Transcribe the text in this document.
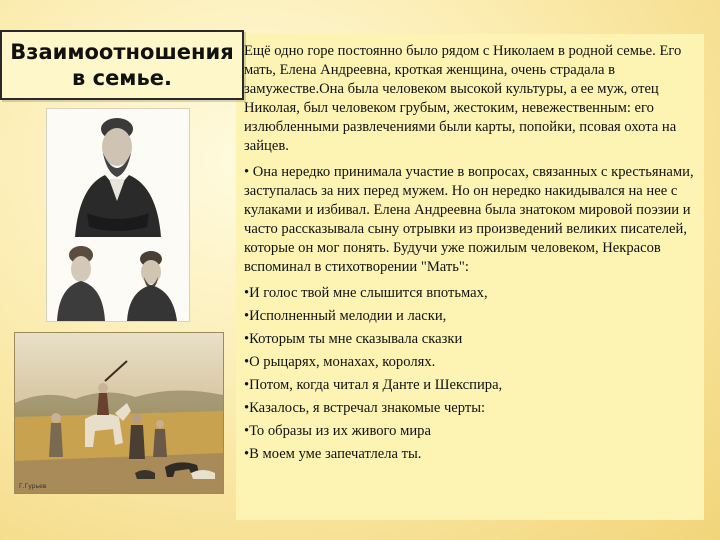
Взаимоотношения
в семье.

Ещё одно горе постоянно было рядом с Николаем в родной семье. Его мать, Елена Андреевна, кроткая женщина, очень страдала в замужестве.Она была человеком высокой культуры, а ее муж, отец Николая, был человеком грубым, жестоким, невежественным: его излюбленными развлечениями были карты, попойки, псовая охота на зайцев.

• Она нередко принимала участие в вопросах, связанных с крестьянами, заступалась за них перед мужем. Но он нередко накидывался на нее с кулаками и избивал. Елена Андреевна была знатоком мировой поэзии и часто рассказывала сыну отрывки из произведений великих писателей, которые он мог понять. Будучи уже пожилым человеком, Некрасов вспоминал в стихотворении "Мать":

•И голос твой мне слышится впотьмах,

•Исполненный мелодии и ласки,

•Которым ты мне сказывала сказки

•О рыцарях, монахах, королях.

•Потом, когда читал я Данте и Шекспира,

•Казалось, я встречал знакомые черты:

•То образы из их живого мира

•В моем уме запечатлела ты.

Г.Гурьев
